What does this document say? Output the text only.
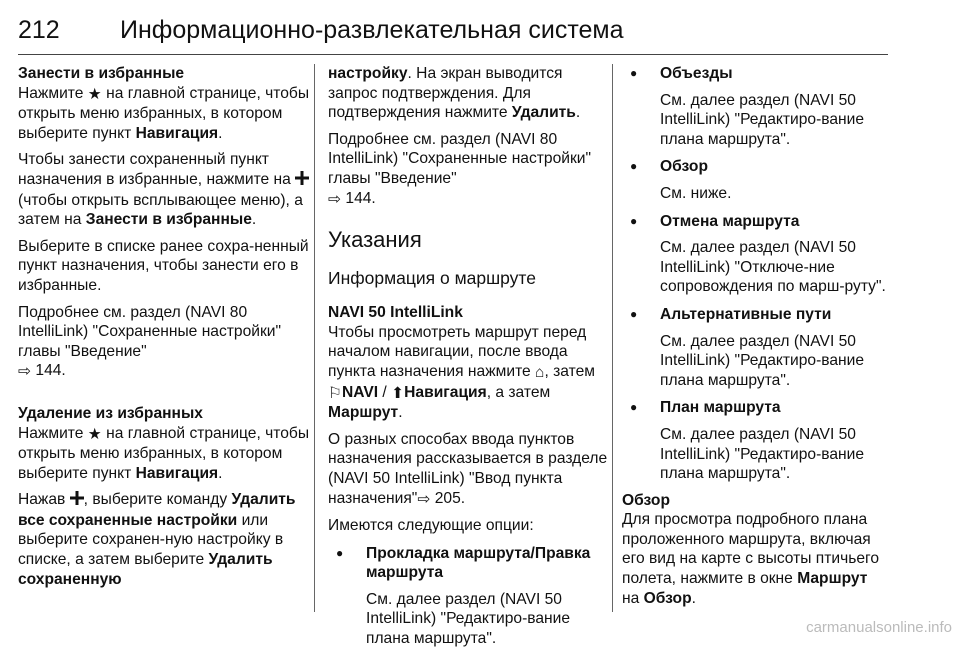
212 Информационно-развлекательная система

Занести в избранные

Нажмите ★ на главной странице, чтобы открыть меню избранных, в котором выберите пункт Навигация.

Чтобы занести сохраненный пункт назначения в избранные, нажмите на  (чтобы открыть всплывающее меню), а затем на Занести в избранные.

Выберите в списке ранее сохра-ненный пункт назначения, чтобы занести его в избранные.

Подробнее см. раздел (NAVI 80 IntelliLink) "Сохраненные настройки" главы "Введение"
⇨ 144.

Удаление из избранных

Нажмите ★ на главной странице, чтобы открыть меню избранных, в котором выберите пункт Навигация.

Нажав , выберите команду Удалить все сохраненные настройки или выберите сохранен-ную настройку в списке, а затем выберите Удалить сохраненную

настройку. На экран выводится запрос подтверждения. Для подтверждения нажмите Удалить.

Подробнее см. раздел (NAVI 80 IntelliLink) "Сохраненные настройки" главы "Введение"
⇨ 144.

Указания
Информация о маршруте

NAVI 50 IntelliLink

Чтобы просмотреть маршрут перед началом навигации, после ввода пункта назначения нажмите ⌂, затем ⚐NAVI / ⬆Навигация, а затем Маршрут.

О разных способах ввода пунктов назначения рассказывается в разделе (NAVI 50 IntelliLink) "Ввод пункта назначения"⇨ 205.

Имеются следующие опции:

● Прокладка маршрута/Правка маршрута

См. далее раздел (NAVI 50 IntelliLink) "Редактиро-вание плана маршрута".

● Объезды

См. далее раздел (NAVI 50 IntelliLink) "Редактиро-вание плана маршрута".

● Обзор

См. ниже.

● Отмена маршрута

См. далее раздел (NAVI 50 IntelliLink) "Отключе-ние сопровождения по марш-руту".

● Альтернативные пути

См. далее раздел (NAVI 50 IntelliLink) "Редактиро-вание плана маршрута".

● План маршрута

См. далее раздел (NAVI 50 IntelliLink) "Редактиро-вание плана маршрута".

Обзор

Для просмотра подробного плана проложенного маршрута, включая его вид на карте с высоты птичьего полета, нажмите в окне Маршрут на Обзор.

carmanualsonline.info
